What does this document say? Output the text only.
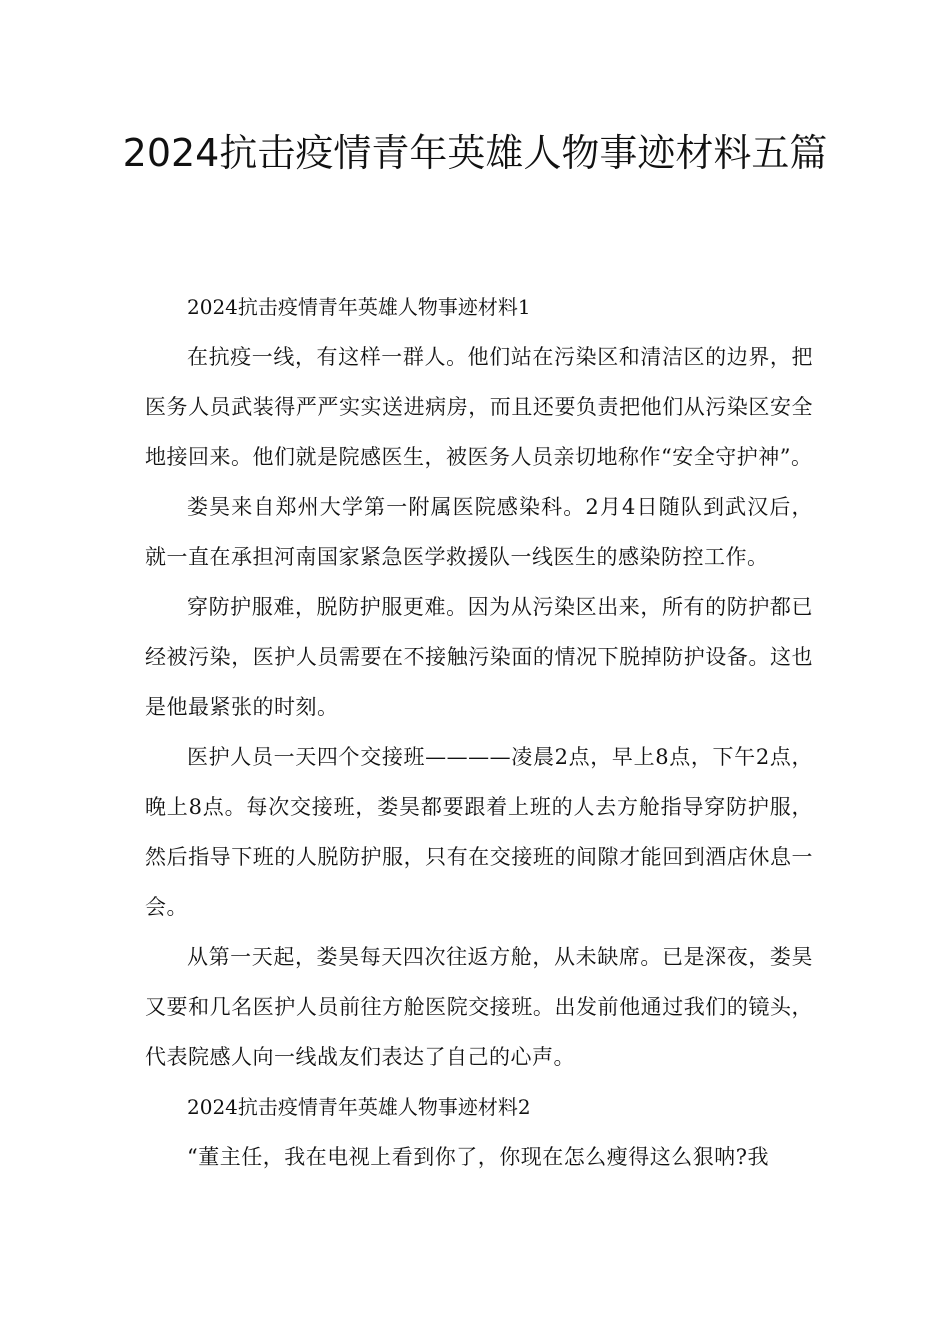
2024抗击疫情青年英雄人物事迹材料五篇

2024抗击疫情青年英雄人物事迹材料1

在抗疫一线，有这样一群人。他们站在污染区和清洁区的边界，把医务人员武装得严严实实送进病房，而且还要负责把他们从污染区安全地接回来。他们就是院感医生，被医务人员亲切地称作“安全守护神”。

娄昊来自郑州大学第一附属医院感染科。2月4日随队到武汉后，就一直在承担河南国家紧急医学救援队一线医生的感染防控工作。

穿防护服难，脱防护服更难。因为从污染区出来，所有的防护都已经被污染，医护人员需要在不接触污染面的情况下脱掉防护设备。这也是他最紧张的时刻。

医护人员一天四个交接班————凌晨2点，早上8点，下午2点，晚上8点。每次交接班，娄昊都要跟着上班的人去方舱指导穿防护服，然后指导下班的人脱防护服，只有在交接班的间隙才能回到酒店休息一会。

从第一天起，娄昊每天四次往返方舱，从未缺席。已是深夜，娄昊又要和几名医护人员前往方舱医院交接班。出发前他通过我们的镜头，代表院感人向一线战友们表达了自己的心声。

2024抗击疫情青年英雄人物事迹材料2

“董主任，我在电视上看到你了，你现在怎么瘦得这么狠呐?我
